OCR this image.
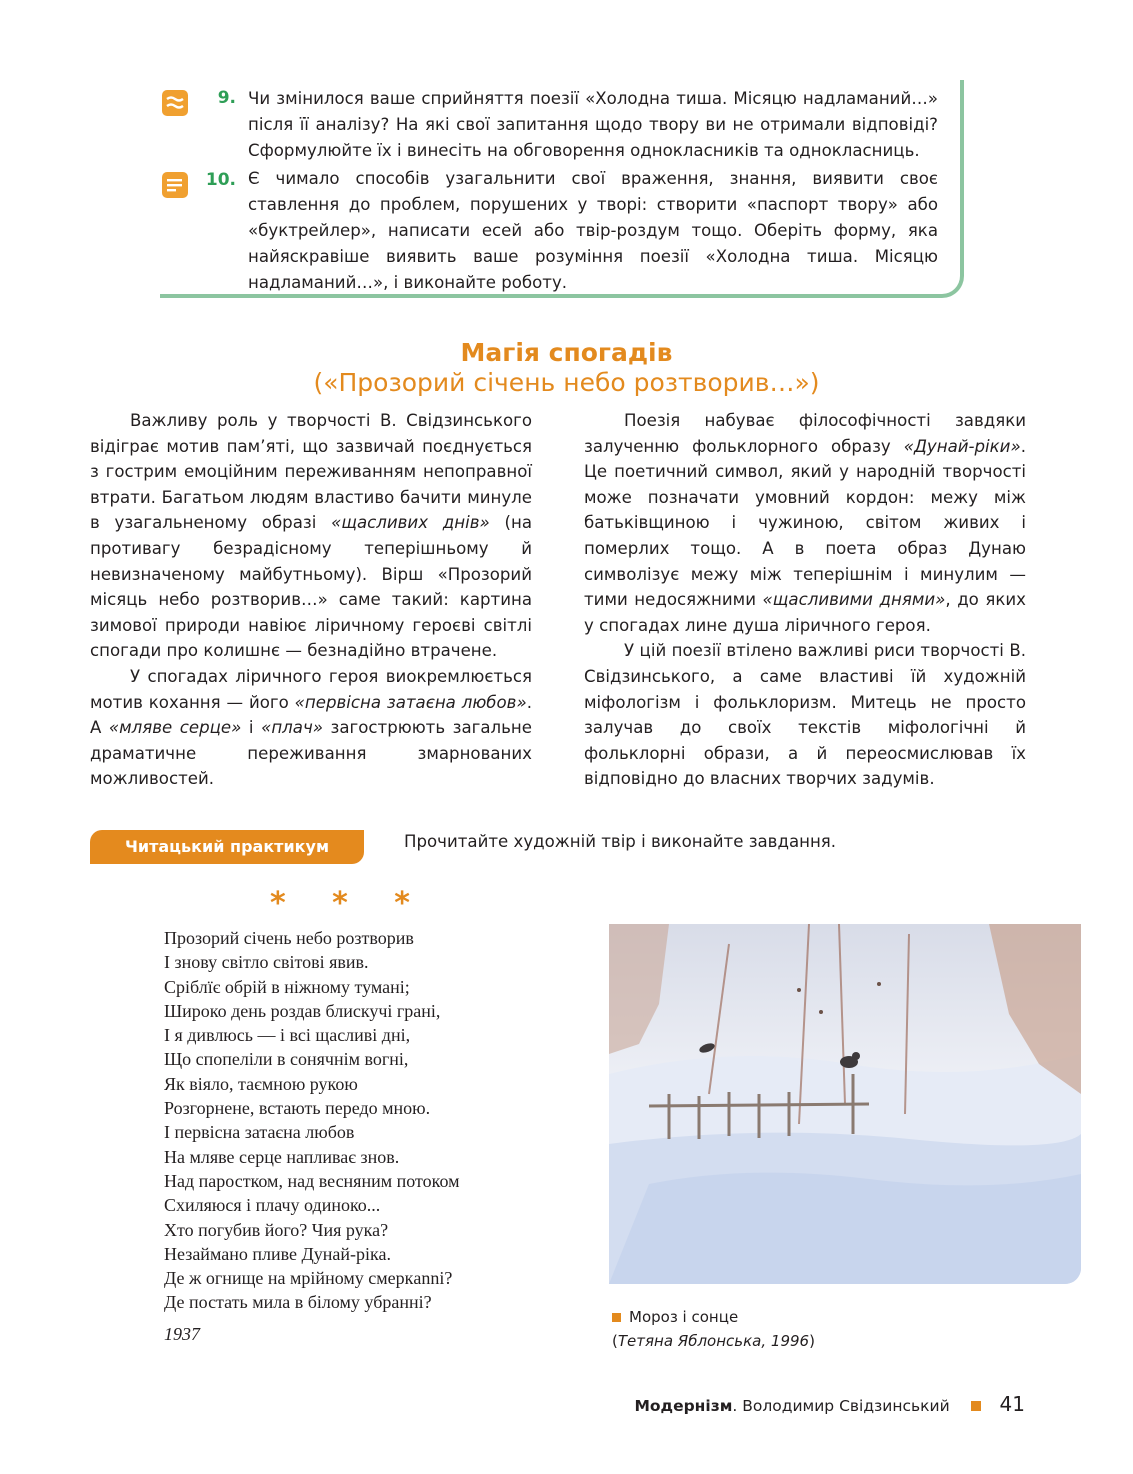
9. Чи змінилося ваше сприйняття поезії «Холодна тиша. Місяцю надламаний…» після її аналізу? На які свої запитання щодо твору ви не отримали відповіді? Сформулюйте їх і винесіть на обговорення однокласників та однокласниць.
10. Є чимало способів узагальнити свої враження, знання, виявити своє ставлення до проблем, порушених у творі: створити «паспорт твору» або «буктрейлер», написати есей або твір-роздум тощо. Оберіть форму, яка найяскравіше виявить ваше розуміння поезії «Холодна тиша. Місяцю надламаний…», і виконайте роботу.
Магія спогадів
(«Прозорий січень небо розтворив…»)

Важливу роль у творчості В. Свідзинського відіграє мотив пам’яті, що зазвичай поєднується з гострим емоційним переживанням непоправної втрати. Багатьом людям властиво бачити минуле в узагальненому образі «щасливих днів» (на противагу безрадісному теперішньому й невизначеному майбутньому). Вірш «Прозорий місяць небо розтворив…» саме такий: картина зимової природи навіює ліричному героєві світлі спогади про колишнє — безнадійно втрачене.

У спогадах ліричного героя виокремлюється мотив кохання — його «первісна затаєна любов». А «мляве серце» і «плач» загострюють загальне драматичне переживання змарнованих можливостей.

Поезія набуває філософічності завдяки залученню фольклорного образу «Дунай-ріки». Це поетичний символ, який у народній творчості може позначати умовний кордон: межу між батьківщиною і чужиною, світом живих і померлих тощо. А в поета образ Дунаю символізує межу між теперішнім і минулим — тими недосяжними «щасливими днями», до яких у спогадах лине душа ліричного героя.

У цій поезії втілено важливі риси творчості В. Свідзинського, а саме властиві їй художній міфологізм і фольклоризм. Митець не просто залучав до своїх текстів міфологічні й фольклорні образи, а й переосмислював їх відповідно до власних творчих задумів.

Читацький практикум	Прочитайте художній твір і виконайте завдання.
* * *
Прозорий січень небо розтворив
І знову світло світові явив.
Сріблїє обрій в ніжному тумані;
Широко день роздав блискучі грані,
І я дивлюсь — і всі щасливі дні,
Що спопеліли в сонячнім вогні,
Як віяло, таємною рукою
Розгорнене, встають передо мною.
І первісна затаєна любов
На мляве серце напливає знов.
Над паростком, над весняним потоком
Схиляюся і плачу одиноко...
Хто погубив його? Чия рука?
Незаймано пливе Дунай-ріка.
Де ж огнище на мрійному смеркanni?
Де постать мила в білому убранні?
1937
Мороз і сонце
(Тетяна Яблонська, 1996)
Модернізм. Володимир Свідзинський 41
